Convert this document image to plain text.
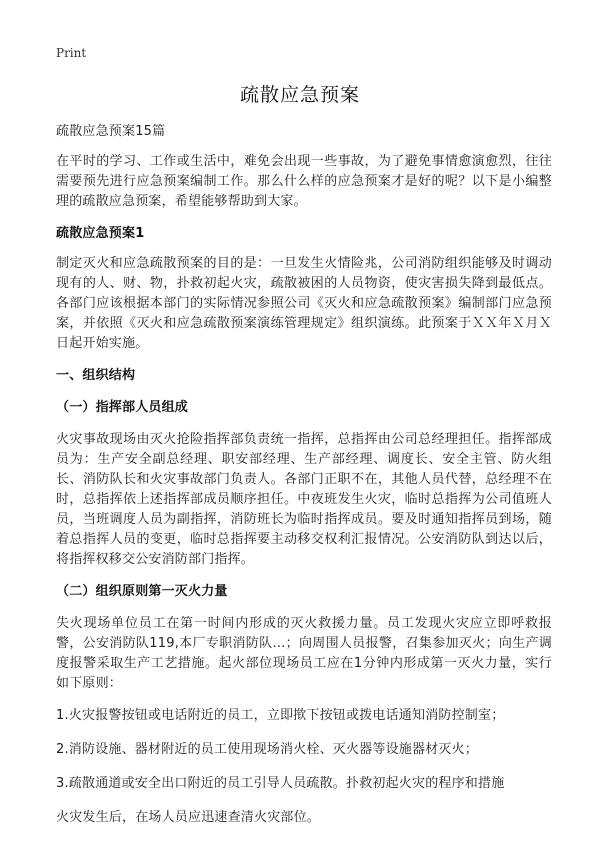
Print
疏散应急预案

疏散应急预案15篇

在平时的学习、工作或生活中，难免会出现一些事故，为了避免事情愈演愈烈，往往需要预先进行应急预案编制工作。那么什么样的应急预案才是好的呢？以下是小编整理的疏散应急预案，希望能够帮助到大家。

疏散应急预案1

制定灭火和应急疏散预案的目的是：一旦发生火情险兆，公司消防组织能够及时调动现有的人、财、物，扑救初起火灾，疏散被困的人员物资，使灾害损失降到最低点。各部门应该根据本部门的实际情况参照公司《灭火和应急疏散预案》编制部门应急预案，并依照《灭火和应急疏散预案演练管理规定》组织演练。此预案于ＸＸ年Ｘ月Ｘ日起开始实施。

一、组织结构

（一）指挥部人员组成

火灾事故现场由灭火抢险指挥部负责统一指挥，总指挥由公司总经理担任。指挥部成员为：生产安全副总经理、职安部经理、生产部经理、调度长、安全主管、防火组长、消防队长和火灾事故部门负责人。各部门正职不在，其他人员代替，总经理不在时，总指挥依上述指挥部成员顺序担任。中夜班发生火灾，临时总指挥为公司值班人员，当班调度人员为副指挥，消防班长为临时指挥成员。要及时通知指挥员到场，随着总指挥人员的变更，临时总指挥要主动移交权利汇报情况。公安消防队到达以后，将指挥权移交公安消防部门指挥。

（二）组织原则第一灭火力量

失火现场单位员工在第一时间内形成的灭火救援力量。员工发现火灾应立即呼救报警，公安消防队119,本厂专职消防队…；向周围人员报警，召集参加灭火；向生产调度报警采取生产工艺措施。起火部位现场员工应在1分钟内形成第一灭火力量，实行如下原则：

1.火灾报警按钮或电话附近的员工，立即揿下按钮或拨电话通知消防控制室；

2.消防设施、器材附近的员工使用现场消火栓、灭火器等设施器材灭火；

3.疏散通道或安全出口附近的员工引导人员疏散。扑救初起火灾的程序和措施

火灾发生后，在场人员应迅速查清火灾部位。
